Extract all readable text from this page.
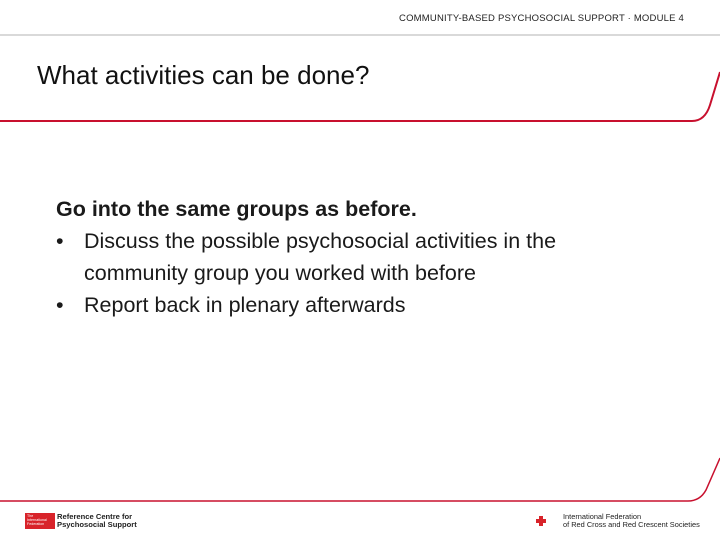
COMMUNITY-BASED PSYCHOSOCIAL SUPPORT · MODULE 4
What activities can be done?
Go into the same groups as before.
• Discuss the possible psychosocial activities in the community group you worked with before
• Report back in plenary afterwards
The International Federation
Reference Centre for
Psychosocial Support
International Federation
of Red Cross and Red Crescent Societies
